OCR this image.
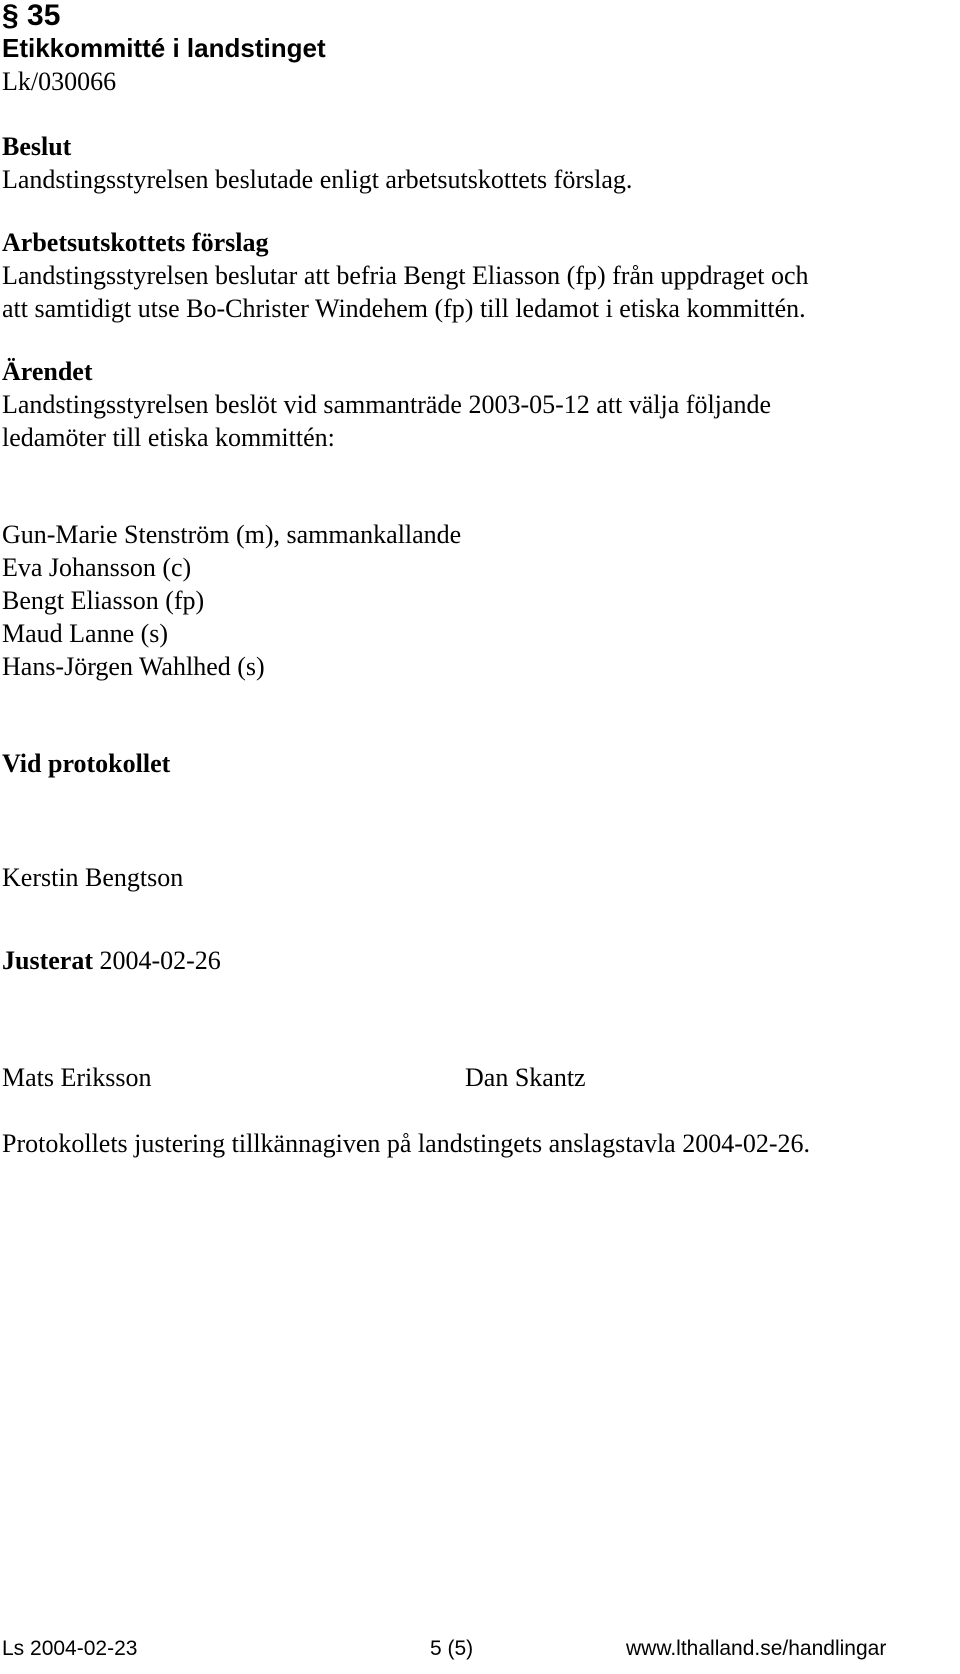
§ 35
Etikkommitté i landstinget
Lk/030066

Beslut

Landstingsstyrelsen beslutade enligt arbetsutskottets förslag.

Arbetsutskottets förslag

Landstingsstyrelsen beslutar att befria Bengt Eliasson (fp) från uppdraget och

att samtidigt utse Bo-Christer Windehem (fp) till ledamot i etiska kommittén.

Ärendet

Landstingsstyrelsen beslöt vid sammanträde 2003-05-12 att välja följande

ledamöter till etiska kommittén:

Gun-Marie Stenström (m), sammankallande
Eva Johansson (c)
Bengt Eliasson (fp)
Maud Lanne (s)
Hans-Jörgen Wahlhed (s)
Vid protokollet
Kerstin Bengtson
Justerat 2004-02-26
Mats Eriksson	Dan Skantz
Protokollets justering tillkännagiven på landstingets anslagstavla 2004-02-26.
Ls 2004-02-23	5 (5)	www.lthalland.se/handlingar
